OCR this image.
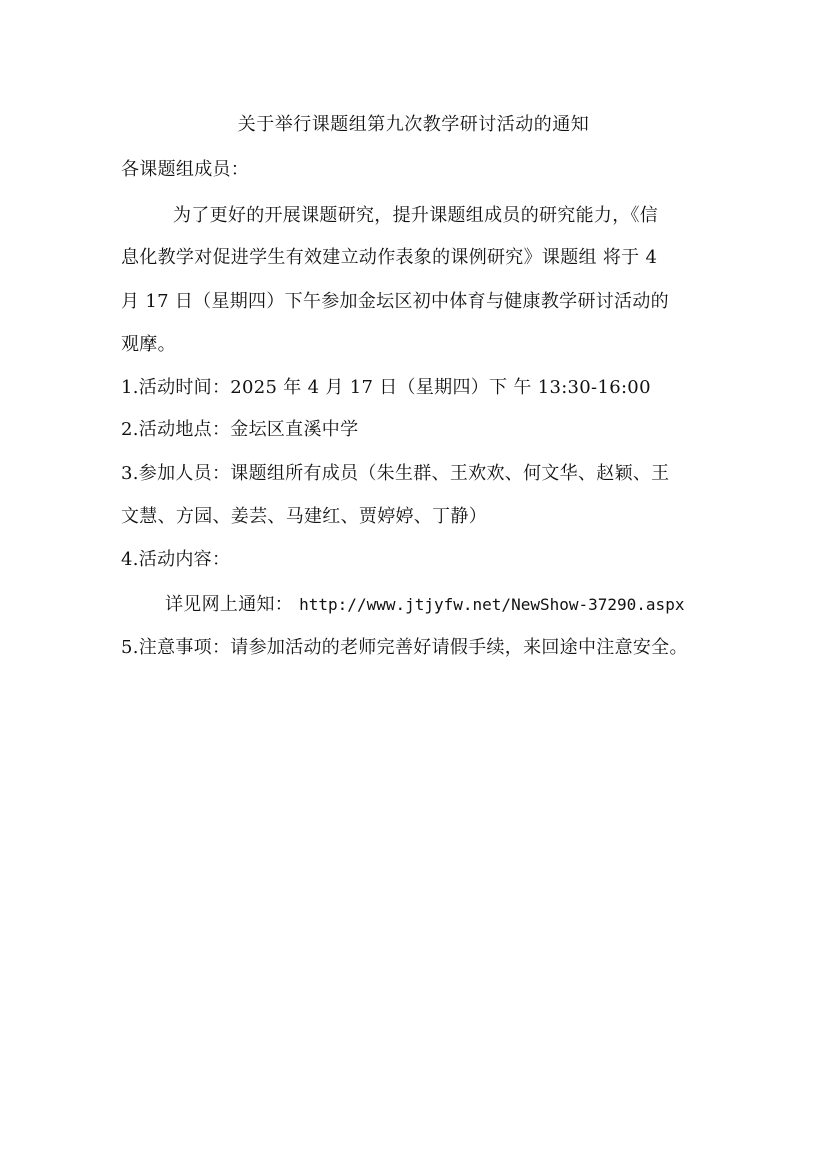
关于举行课题组第九次教学研讨活动的通知
各课题组成员：
为了更好的开展课题研究，提升课题组成员的研究能力，《信
息化教学对促进学生有效建立动作表象的课例研究》课题组 将于 4
月 17 日（星期四）下午参加金坛区初中体育与健康教学研讨活动的
观摩。
1.活动时间：2025 年 4 月 17 日（星期四）下 午 13:30-16:00
2.活动地点：金坛区直溪中学
3.参加人员：课题组所有成员（朱生群、王欢欢、何文华、赵颖、王
文慧、方园、姜芸、马建红、贾婷婷、丁静）
4.活动内容：
详见网上通知： http://www.jtjyfw.net/NewShow-37290.aspx
5.注意事项：请参加活动的老师完善好请假手续，来回途中注意安全。
